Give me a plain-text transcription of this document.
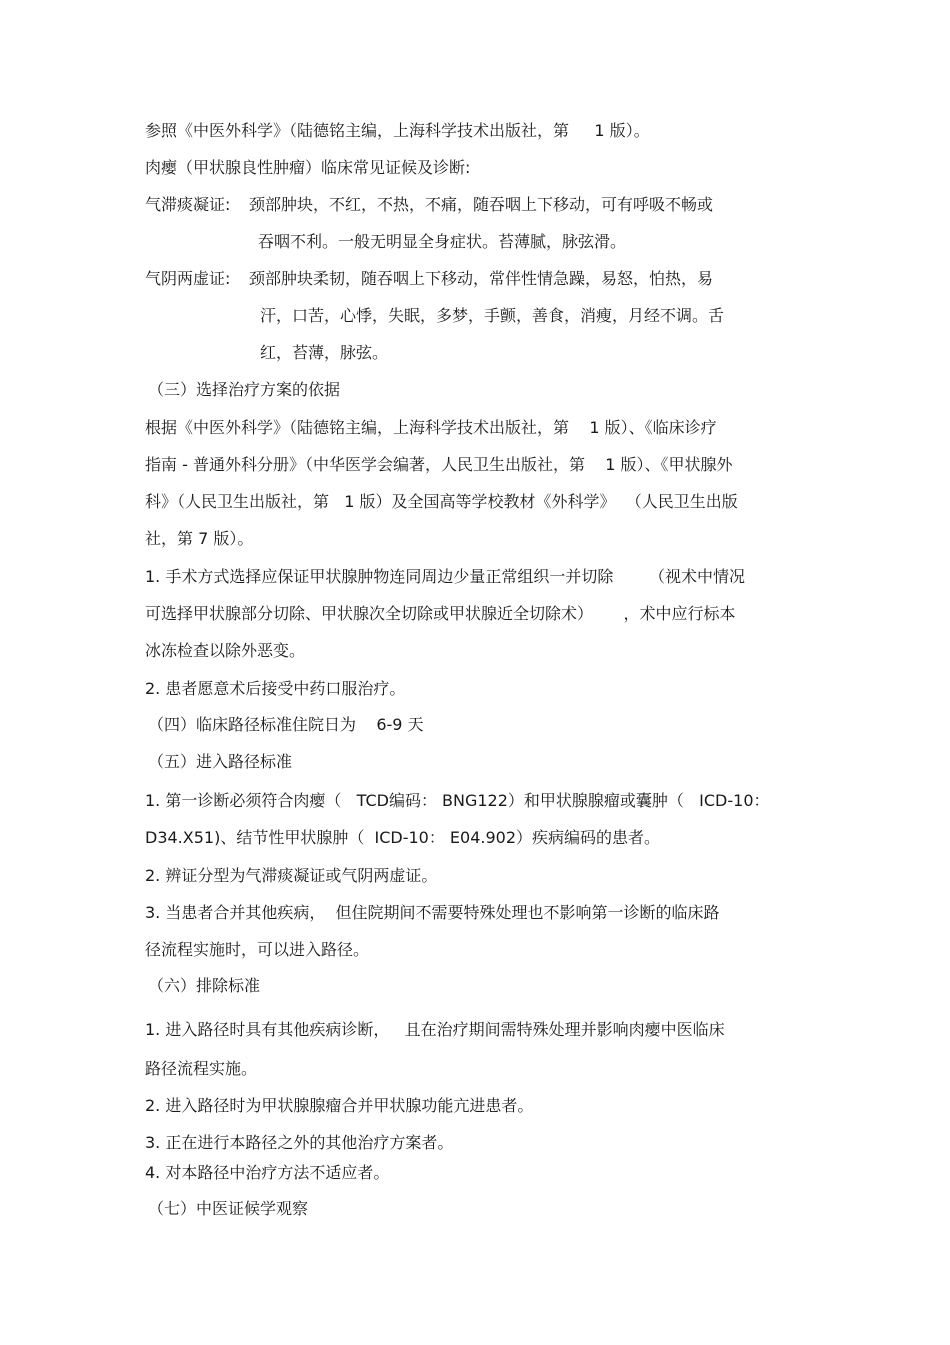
参照《中医外科学》（陆德铭主编，上海科学技术出版社，第     1 版）。
肉瘿（甲状腺良性肿瘤）临床常见证候及诊断:
气滞痰凝证: 颈部肿块，不红，不热，不痛，随吞咽上下移动，可有呼吸不畅或
吞咽不利。一般无明显全身症状。苔薄腻，脉弦滑。
气阴两虚证: 颈部肿块柔韧，随吞咽上下移动，常伴性情急躁，易怒，怕热，易
汗，口苦，心悸，失眠，多梦，手颤，善食，消瘦，月经不调。舌
红，苔薄，脉弦。
（三）选择治疗方案的依据
根据《中医外科学》（陆德铭主编，上海科学技术出版社，第    1 版）、《临床诊疗
指南 - 普通外科分册》（中华医学会编著，人民卫生出版社，第    1 版）、《甲状腺外
科》（人民卫生出版社，第   1 版）及全国高等学校教材《外科学》  （人民卫生出版
社，第 7 版）。
1. 手术方式选择应保证甲状腺肿物连同周边少量正常组织一并切除       （视术中情况
可选择甲状腺部分切除、甲状腺次全切除或甲状腺近全切除术）      ，术中应行标本
冰冻检查以除外恶变。
2. 患者愿意术后接受中药口服治疗。
（四）临床路径标准住院日为    6-9 天
（五）进入路径标准
1. 第一诊断必须符合肉瘿（   TCD编码： BNG122）和甲状腺腺瘤或囊肿（   ICD-10：
D34.X51)、结节性甲状腺肿（  ICD-10： E04.902）疾病编码的患者。
2. 辨证分型为气滞痰凝证或气阴两虚证。
3. 当患者合并其他疾病，  但住院期间不需要特殊处理也不影响第一诊断的临床路
径流程实施时，可以进入路径。
（六）排除标准
1. 进入路径时具有其他疾病诊断，   且在治疗期间需特殊处理并影响肉瘿中医临床
路径流程实施。
2. 进入路径时为甲状腺腺瘤合并甲状腺功能亢进患者。
3. 正在进行本路径之外的其他治疗方案者。
4. 对本路径中治疗方法不适应者。
（七）中医证候学观察
